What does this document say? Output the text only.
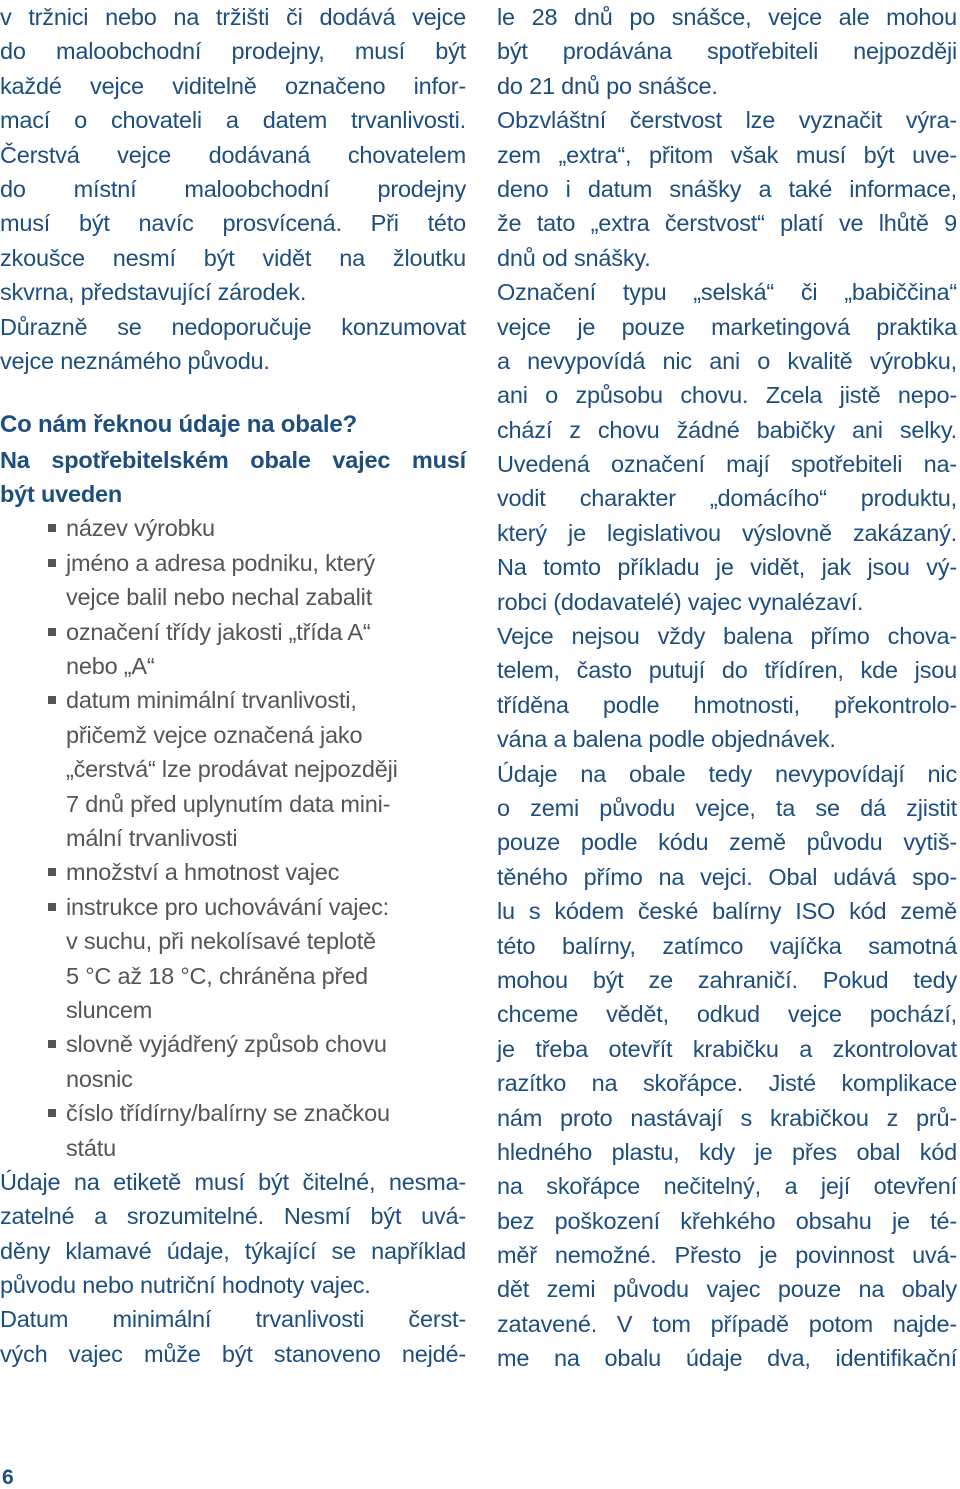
v tržnici nebo na tržišti či dodává vejce
do maloobchodní prodejny, musí být
každé vejce viditelně označeno infor-
mací o chovateli a datem trvanlivosti.
Čerstvá vejce dodávaná chovatelem
do místní maloobchodní prodejny
musí být navíc prosvícená. Při této
zkoušce nesmí být vidět na žloutku
skvrna, představující zárodek.
Důrazně se nedoporučuje konzumovat
vejce neznámého původu.
Co nám řeknou údaje na obale?
Na spotřebitelském obale vajec musí
být uveden
název výrobku
jméno a adresa podniku, který
vejce balil nebo nechal zabalit
označení třídy jakosti „třída A“
nebo „A“
datum minimální trvanlivosti,
přičemž vejce označená jako
„čerstvá“ lze prodávat nejpozději
7 dnů před uplynutím data mini-
mální trvanlivosti
množství a hmotnost vajec
instrukce pro uchovávání vajec:
v suchu, při nekolísavé teplotě
5 °C až 18 °C, chráněna před
sluncem
slovně vyjádřený způsob chovu
nosnic
číslo třídírny/balírny se značkou
státu
Údaje na etiketě musí být čitelné, nesma-
zatelné a srozumitelné. Nesmí být uvá-
děny klamavé údaje, týkající se například
původu nebo nutriční hodnoty vajec.
Datum minimální trvanlivosti čerst-
vých vajec může být stanoveno nejdé-
le 28 dnů po snášce, vejce ale mohou
být prodávána spotřebiteli nejpozději
do 21 dnů po snášce.
Obzvláštní čerstvost lze vyznačit výra-
zem „extra“, přitom však musí být uve-
deno i datum snášky a také informace,
že tato „extra čerstvost“ platí ve lhůtě 9
dnů od snášky.
Označení typu „selská“ či „babiččina“
vejce je pouze marketingová praktika
a nevypovídá nic ani o kvalitě výrobku,
ani o způsobu chovu. Zcela jistě nepo-
chází z chovu žádné babičky ani selky.
Uvedená označení mají spotřebiteli na-
vodit charakter „domácího“ produktu,
který je legislativou výslovně zakázaný.
Na tomto příkladu je vidět, jak jsou vý-
robci (dodavatelé) vajec vynalézaví.
Vejce nejsou vždy balena přímo chova-
telem, často putují do třídíren, kde jsou
tříděna podle hmotnosti, překontrolo-
vána a balena podle objednávek.
Údaje na obale tedy nevypovídají nic
o zemi původu vejce, ta se dá zjistit
pouze podle kódu země původu vytiš-
těného přímo na vejci. Obal udává spo-
lu s kódem české balírny ISO kód země
této balírny, zatímco vajíčka samotná
mohou být ze zahraničí. Pokud tedy
chceme vědět, odkud vejce pochází,
je třeba otevřít krabičku a zkontrolovat
razítko na skořápce. Jisté komplikace
nám proto nastávají s krabičkou z prů-
hledného plastu, kdy je přes obal kód
na skořápce nečitelný, a její otevření
bez poškození křehkého obsahu je té-
měř nemožné. Přesto je povinnost uvá-
dět zemi původu vajec pouze na obaly
zatavené. V tom případě potom najde-
me na obalu údaje dva, identifikační
6
